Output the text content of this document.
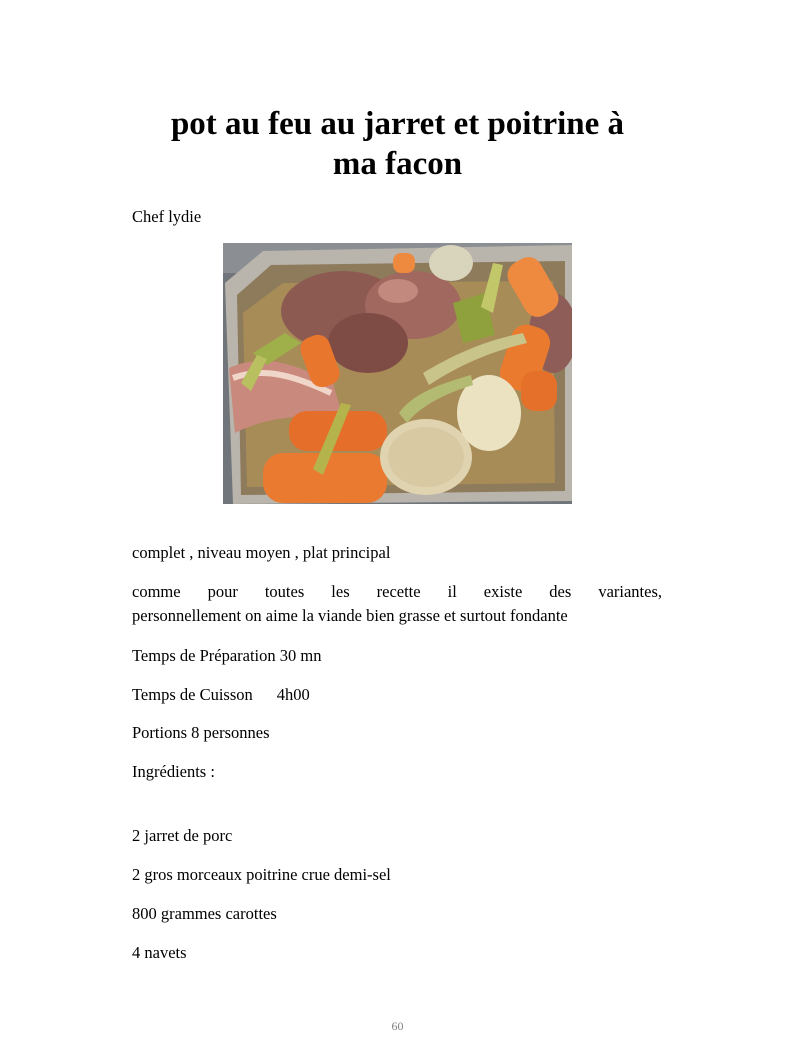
pot au feu au jarret et poitrine à
ma facon
Chef lydie
complet , niveau moyen , plat principal
comme pour toutes les recette il existe des variantes,
personnellement on aime la viande bien grasse et surtout fondante
Temps de Préparation 30 mn
Temps de Cuisson 4h00
Portions 8 personnes
Ingrédients :
2 jarret de porc
2 gros morceaux poitrine crue demi-sel
800 grammes carottes
4 navets
60
